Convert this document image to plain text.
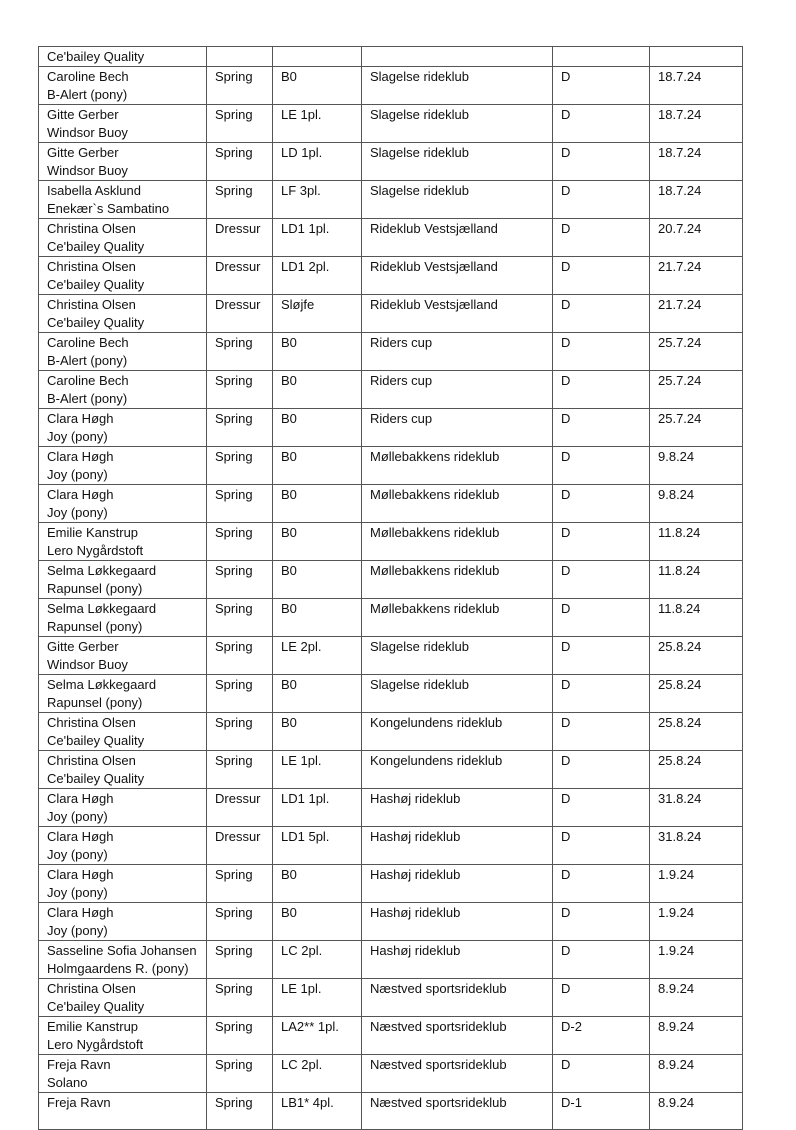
Ce'bailey Quality					

Caroline Bech
B-Alert (pony)	Spring	B0	Slagelse rideklub	D	18.7.24

Gitte Gerber
Windsor Buoy	Spring	LE 1pl.	Slagelse rideklub	D	18.7.24

Gitte Gerber
Windsor Buoy	Spring	LD 1pl.	Slagelse rideklub	D	18.7.24

Isabella Asklund
Enekær`s Sambatino	Spring	LF 3pl.	Slagelse rideklub	D	18.7.24

Christina Olsen
Ce'bailey Quality	Dressur	LD1 1pl.	Rideklub Vestsjælland	D	20.7.24

Christina Olsen
Ce'bailey Quality	Dressur	LD1 2pl.	Rideklub Vestsjælland	D	21.7.24

Christina Olsen
Ce'bailey Quality	Dressur	Sløjfe	Rideklub Vestsjælland	D	21.7.24

Caroline Bech
B-Alert (pony)	Spring	B0	Riders cup	D	25.7.24

Caroline Bech
B-Alert (pony)	Spring	B0	Riders cup	D	25.7.24

Clara Høgh
Joy (pony)	Spring	B0	Riders cup	D	25.7.24

Clara Høgh
Joy (pony)	Spring	B0	Møllebakkens rideklub	D	9.8.24

Clara Høgh
Joy (pony)	Spring	B0	Møllebakkens rideklub	D	9.8.24

Emilie Kanstrup
Lero Nygårdstoft	Spring	B0	Møllebakkens rideklub	D	11.8.24

Selma Løkkegaard
Rapunsel (pony)	Spring	B0	Møllebakkens rideklub	D	11.8.24

Selma Løkkegaard
Rapunsel (pony)	Spring	B0	Møllebakkens rideklub	D	11.8.24

Gitte Gerber
Windsor Buoy	Spring	LE 2pl.	Slagelse rideklub	D	25.8.24

Selma Løkkegaard
Rapunsel (pony)	Spring	B0	Slagelse rideklub	D	25.8.24

Christina Olsen
Ce'bailey Quality	Spring	B0	Kongelundens rideklub	D	25.8.24

Christina Olsen
Ce'bailey Quality	Spring	LE 1pl.	Kongelundens rideklub	D	25.8.24

Clara Høgh
Joy (pony)	Dressur	LD1 1pl.	Hashøj rideklub	D	31.8.24

Clara Høgh
Joy (pony)	Dressur	LD1 5pl.	Hashøj rideklub	D	31.8.24

Clara Høgh
Joy (pony)	Spring	B0	Hashøj rideklub	D	1.9.24

Clara Høgh
Joy (pony)	Spring	B0	Hashøj rideklub	D	1.9.24

Sasseline Sofia Johansen
Holmgaardens R. (pony)	Spring	LC 2pl.	Hashøj rideklub	D	1.9.24

Christina Olsen
Ce'bailey Quality	Spring	LE 1pl.	Næstved sportsrideklub	D	8.9.24

Emilie Kanstrup
Lero Nygårdstoft	Spring	LA2** 1pl.	Næstved sportsrideklub	D-2	8.9.24

Freja Ravn
Solano	Spring	LC 2pl.	Næstved sportsrideklub	D	8.9.24

Freja Ravn	Spring	LB1* 4pl.	Næstved sportsrideklub	D-1	8.9.24
